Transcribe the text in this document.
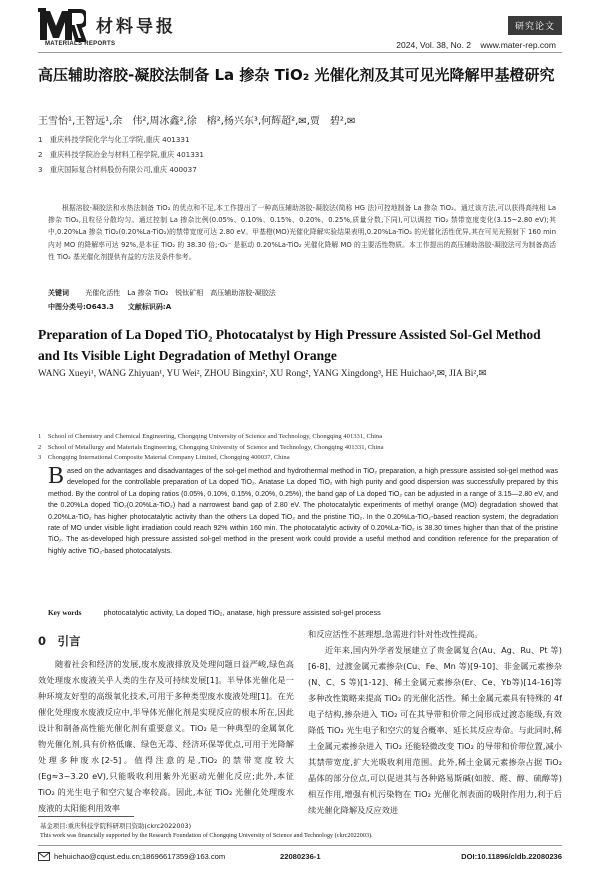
材料导报
MATERIALS REPORTS
研究论文
2024, Vol. 38, No. 2 www.mater-rep.com
高压辅助溶胶-凝胶法制备 La 掺杂 TiO₂ 光催化剂及其可见光降解甲基橙研究
王雪怡¹,王智远¹,余　伟²,周冰鑫²,徐　榕²,杨兴东³,何辉超²,✉,贾　碧²,✉
1　重庆科技学院化学与化工学院,重庆 401331
2　重庆科技学院冶金与材料工程学院,重庆 401331
3　重庆国际复合材料股份有限公司,重庆 400037
根据溶胶-凝胶法和水热法制备 TiO₂ 的优点和不足,本工作提出了一种高压辅助溶胶-凝胶法(简称 HG 法)可控地制备 La 掺杂 TiO₂。通过该方法,可以获得高纯相 La 掺杂 TiO₂,且粒径分散均匀。通过控制 La 掺杂比例(0.05%、0.10%、0.15%、0.20%、0.25%,质量分数,下同),可以调控 TiO₂ 禁带宽度变化(3.15~2.80 eV);其中,0.20%La 掺杂 TiO₂(0.20%La-TiO₂)的禁带宽度可达 2.80 eV。甲基橙(MO)光催化降解实验结果表明,0.20%La-TiO₂ 的光催化活性优异,其在可见光照射下 160 min 内对 MO 的降解率可达 92%,是本征 TiO₂ 的 38.30 倍;·O₂⁻ 是驱动 0.20%La-TiO₂ 光催化降解 MO 的主要活性物质。本工作提出的高压辅助溶胶-凝胶法可为制备高活性 TiO₂ 基光催化剂提供有益的方法及条件参考。
关键词 光催化活性　La 掺杂 TiO₂　锐钛矿相　高压辅助溶胶-凝胶法
中图分类号:O643.3　　文献标识码:A
Preparation of La Doped TiO₂ Photocatalyst by High Pressure Assisted Sol-Gel Method and Its Visible Light Degradation of Methyl Orange
WANG Xueyi¹, WANG Zhiyuan¹, YU Wei², ZHOU Bingxin², XU Rong², YANG Xingdong³, HE Huichao²,✉, JIA Bi²,✉
1　School of Chemistry and Chemical Engineering, Chongqing University of Science and Technology, Chongqing 401331, China
2　School of Metallurgy and Materials Engineering, Chongqing University of Science and Technology, Chongqing 401331, China
3　Chongqing International Composite Material Company Limited, Chongqing 400037, China
Based on the advantages and disadvantages of the sol-gel method and hydrothermal method in TiO₂ preparation, a high pressure assisted sol-gel method was developed for the controllable preparation of La doped TiO₂. Anatase La doped TiO₂ with high purity and good dispersion was successfully prepared by this method. By the control of La doping ratios (0.05%, 0.10%, 0.15%, 0.20%, 0.25%), the band gap of La doped TiO₂ can be adjusted in a range of 3.15—2.80 eV, and the 0.20%La doped TiO₂(0.20%La-TiO₂) had a narrowest band gap of 2.80 eV. The photocatalytic experiments of methyl orange (MO) degradation showed that 0.20%La-TiO₂ has higher photocatalytic activity than the others La doped TiO₂ and the pristine TiO₂. In the 0.20%La-TiO₂-based reaction system, the degradation rate of MO under visible light irradiation could reach 92% within 160 min. The photocatalytic activity of 0.20%La-TiO₂ is 38.30 times higher than that of the pristine TiO₂. The as-developed high pressure assisted sol-gel method in the present work could provide a useful method and condition reference for the preparation of highly active TiO₂-based photocatalysts.
Key words	photocatalytic activity, La doped TiO₂, anatase, high pressure assisted sol-gel process
0　引言
随着社会和经济的发展,废水废液排放及处理问题日益严峻,绿色高效处理废水废液关乎人类的生存及可持续发展[1]。半导体光催化是一种环境友好型的高级氧化技术,可用于多种类型废水废液处理[1]。在光催化处理废水废液反应中,半导体光催化剂是实现反应的根本所在,因此设计和制备高性能光催化剂有重要意义。TiO₂ 是一种典型的金属氧化物光催化剂,具有价格低廉、绿色无毒、经济环保等优点,可用于光降解处理多种废水[2-5]。值得注意的是,TiO₂ 的禁带宽度较大(Eg≈3~3.20 eV),只能吸收利用紫外光驱动光催化反应;此外,本征 TiO₂ 的光生电子和空穴复合率较高。因此,本征 TiO₂ 光催化处理废水废液的太阳能利用效率
和反应活性不甚理想,急需进行针对性改性提高。
近年来,国内外学者发展建立了贵金属复合(Au、Ag、Ru、Pt 等)[6-8]、过渡金属元素掺杂(Cu、Fe、Mn 等)[9-10]、非金属元素掺杂(N、C、S 等)[1-12]、稀土金属元素掺杂(Er、Ce、Yb等)[14-16]等多种改性策略来提高 TiO₂ 的光催化活性。稀土金属元素具有特殊的 4f 电子结构,掺杂进入 TiO₂ 可在其导带和价带之间形成过渡态能级,有效降低 TiO₂ 光生电子和空穴的复合概率、延长其反应寿命。与此同时,稀土金属元素掺杂进入 TiO₂ 还能轻微改变 TiO₂ 的导带和价带位置,减小其禁带宽度,扩大光吸收利用范围。此外,稀土金属元素掺杂占据 TiO₂ 晶体的部分位点,可以促进其与各种路易斯碱(如胺、醛、醇、硫醇等)相互作用,增强有机污染物在 TiO₂ 光催化剂表面的吸附作用力,利于后续光催化降解及反应效进
基金项目:重庆科技学院科研项目资助(ckrc2022003)
This work was financially supported by the Research Foundation of Chongqing University of Science and Technology (ckrc2022003).
hehuichao@cqust.edu.cn;18696617359@163.com	22080236-1	DOI:10.11896/cldb.22080236
